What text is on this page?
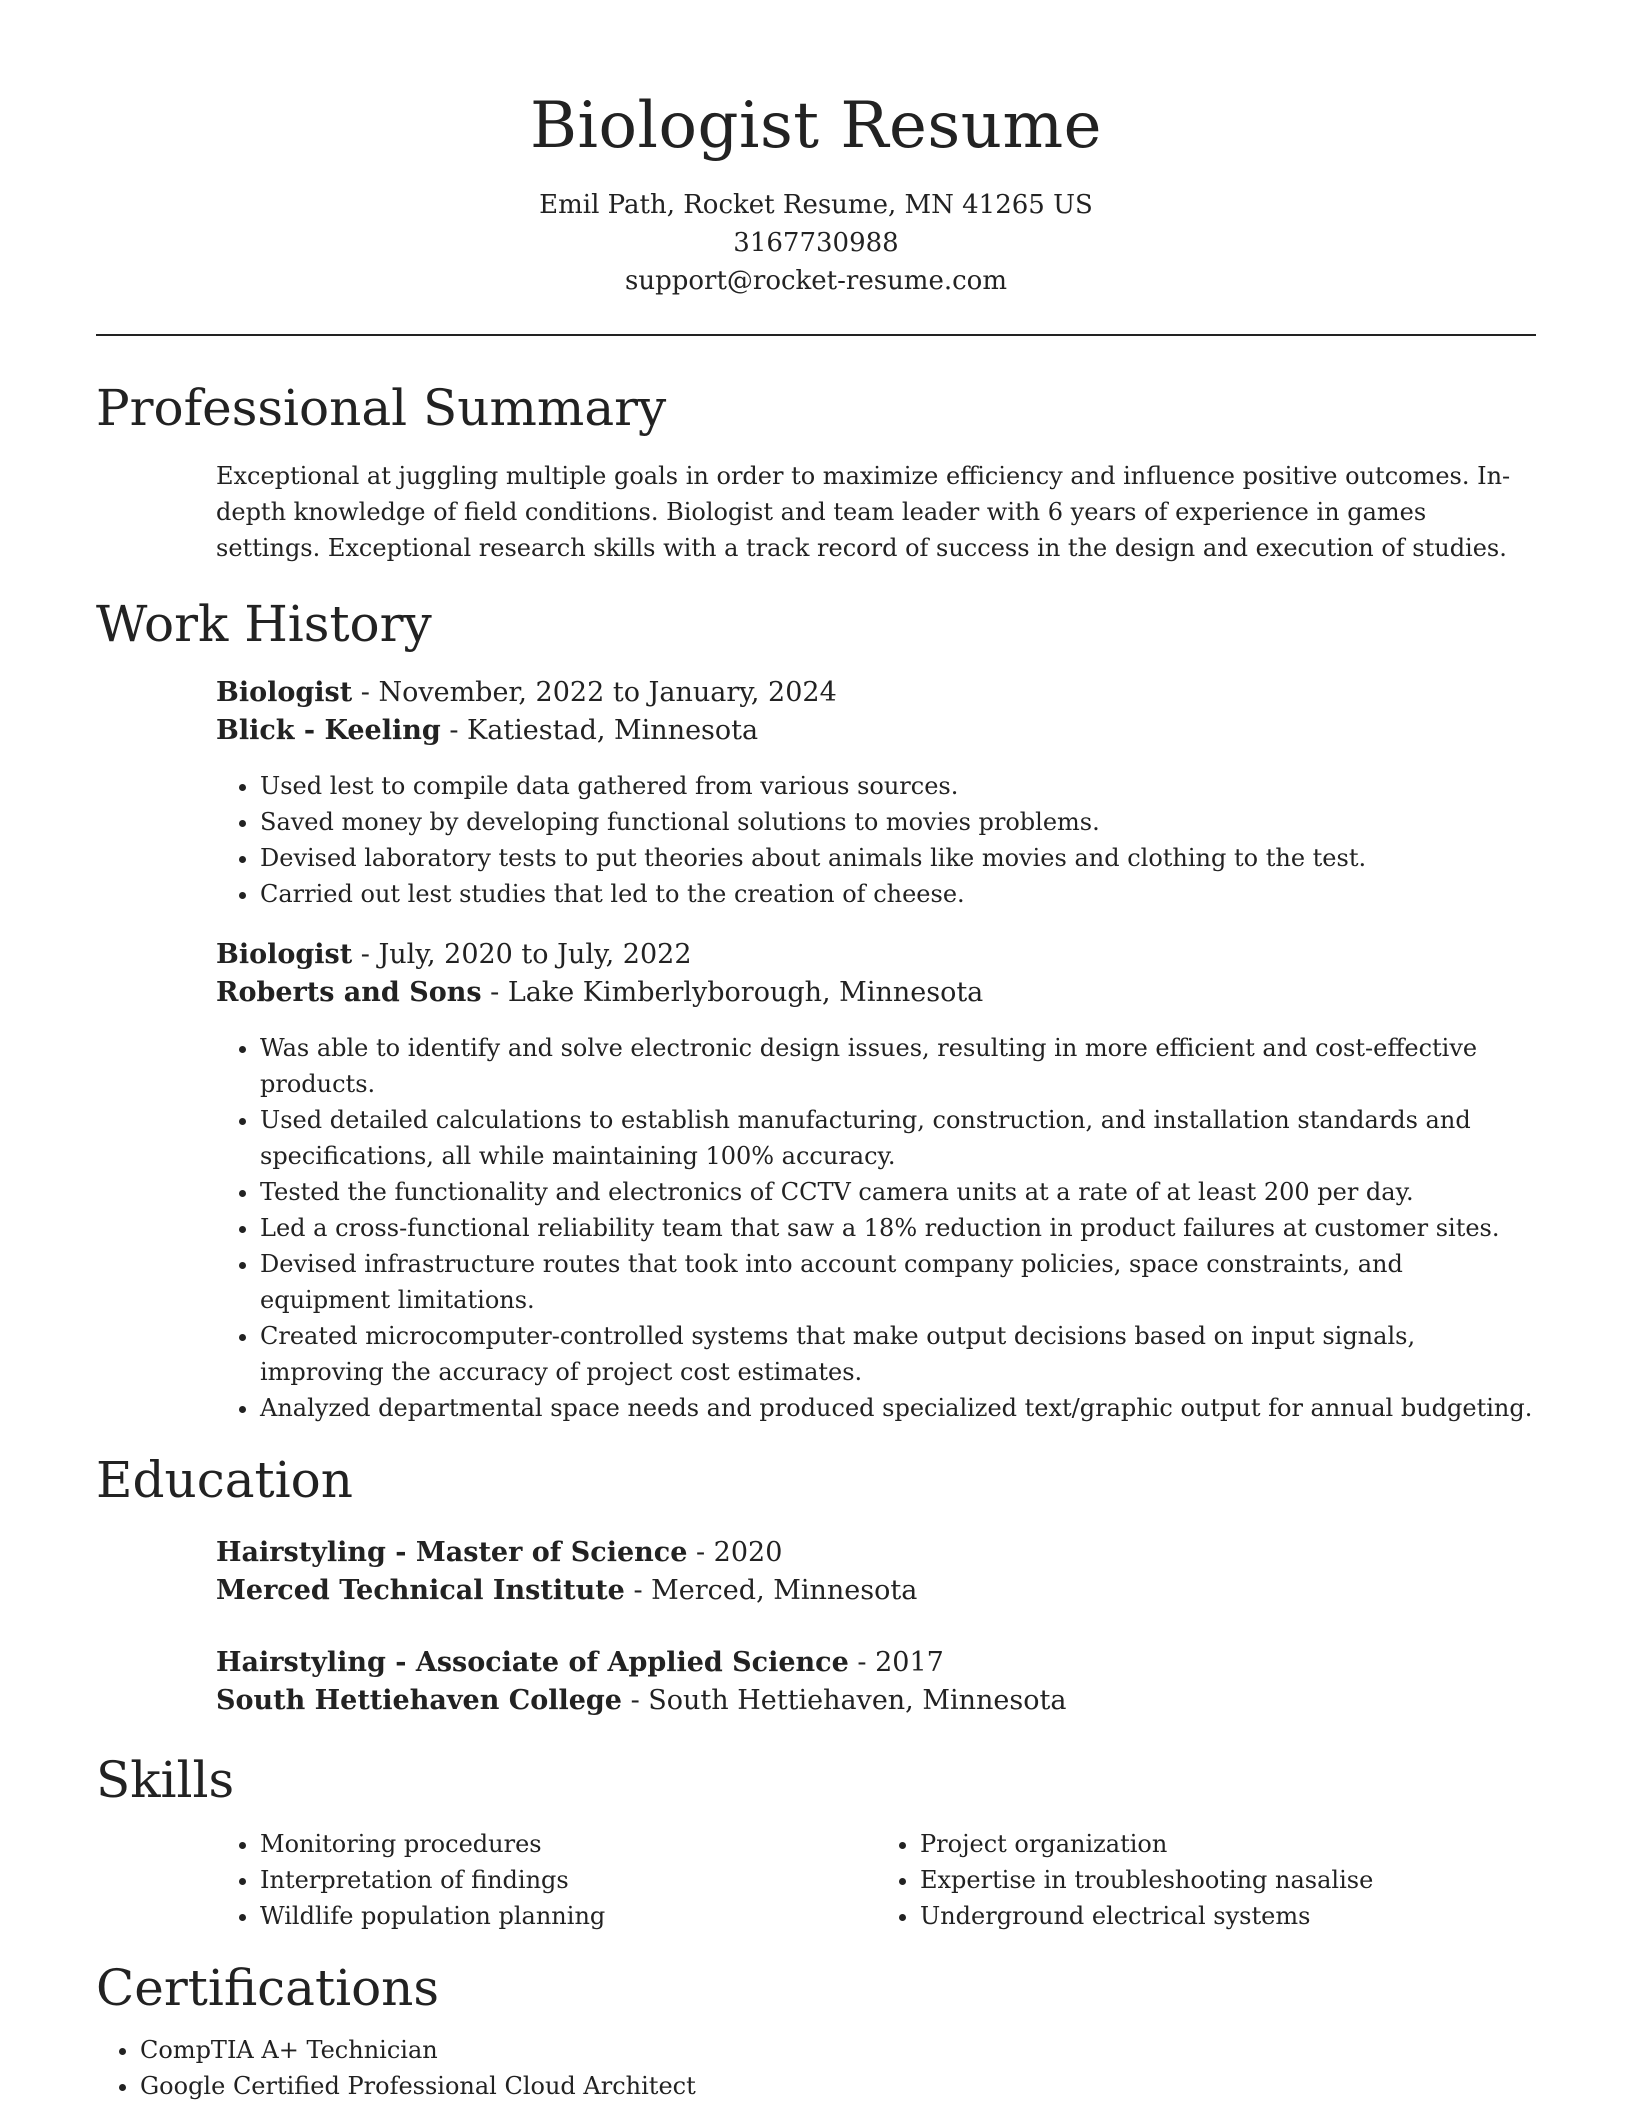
Biologist Resume
Emil Path, Rocket Resume, MN 41265 US
3167730988
support@rocket-resume.com
Professional Summary
Exceptional at juggling multiple goals in order to maximize efficiency and influence positive outcomes. In-depth knowledge of field conditions. Biologist and team leader with 6 years of experience in games settings. Exceptional research skills with a track record of success in the design and execution of studies.
Work History
Biologist - November, 2022 to January, 2024
Blick - Keeling - Katiestad, Minnesota
• Used lest to compile data gathered from various sources.
• Saved money by developing functional solutions to movies problems.
• Devised laboratory tests to put theories about animals like movies and clothing to the test.
• Carried out lest studies that led to the creation of cheese.
Biologist - July, 2020 to July, 2022
Roberts and Sons - Lake Kimberlyborough, Minnesota
• Was able to identify and solve electronic design issues, resulting in more efficient and cost-effective products.
• Used detailed calculations to establish manufacturing, construction, and installation standards and specifications, all while maintaining 100% accuracy.
• Tested the functionality and electronics of CCTV camera units at a rate of at least 200 per day.
• Led a cross-functional reliability team that saw a 18% reduction in product failures at customer sites.
• Devised infrastructure routes that took into account company policies, space constraints, and equipment limitations.
• Created microcomputer-controlled systems that make output decisions based on input signals, improving the accuracy of project cost estimates.
• Analyzed departmental space needs and produced specialized text/graphic output for annual budgeting.
Education
Hairstyling - Master of Science - 2020
Merced Technical Institute - Merced, Minnesota
Hairstyling - Associate of Applied Science - 2017
South Hettiehaven College - South Hettiehaven, Minnesota
Skills
• Monitoring procedures
• Interpretation of findings
• Wildlife population planning
• Project organization
• Expertise in troubleshooting nasalise
• Underground electrical systems
Certifications
• CompTIA A+ Technician
• Google Certified Professional Cloud Architect
